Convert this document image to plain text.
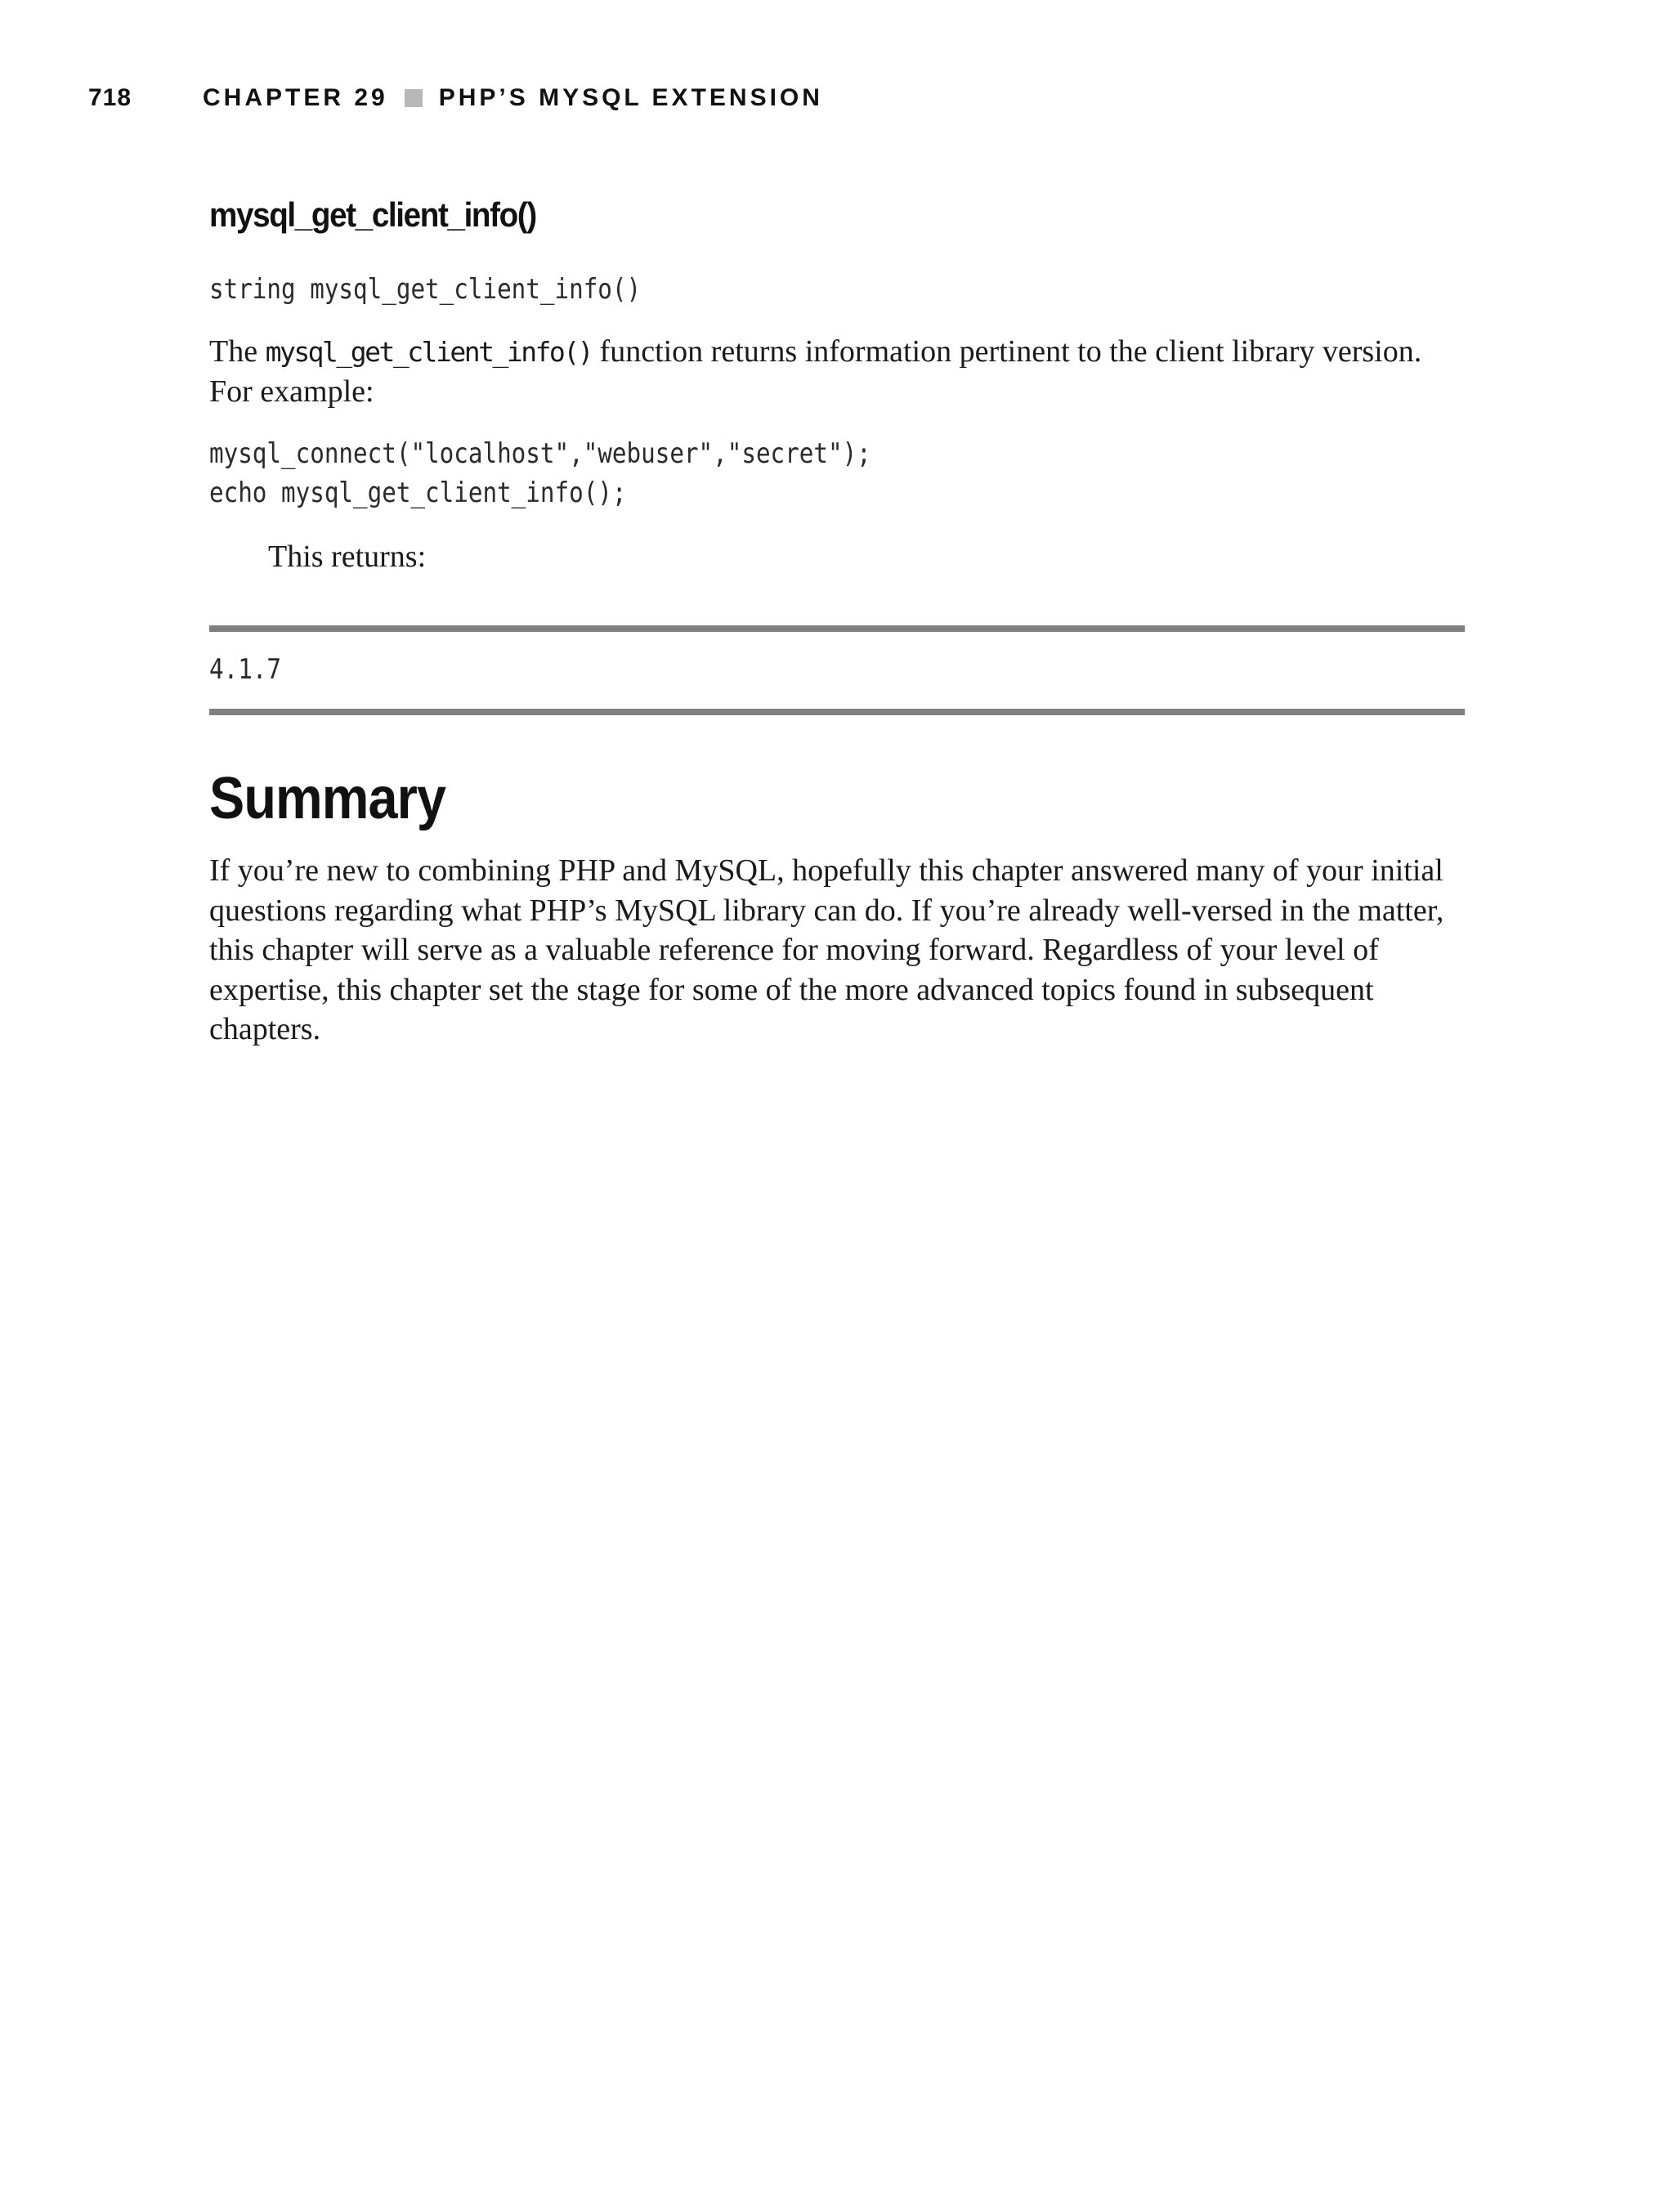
718	CHAPTER 29 PHP’S MYSQL EXTENSION
mysql_get_client_info()
string mysql_get_client_info()

The mysql_get_client_info() function returns information pertinent to the client library version. For example:

mysql_connect("localhost","webuser","secret");
echo mysql_get_client_info();

This returns:

4.1.7
Summary

If you’re new to combining PHP and MySQL, hopefully this chapter answered many of your initial questions regarding what PHP’s MySQL library can do. If you’re already well-versed in the matter, this chapter will serve as a valuable reference for moving forward. Regardless of your level of expertise, this chapter set the stage for some of the more advanced topics found in subsequent chapters.
